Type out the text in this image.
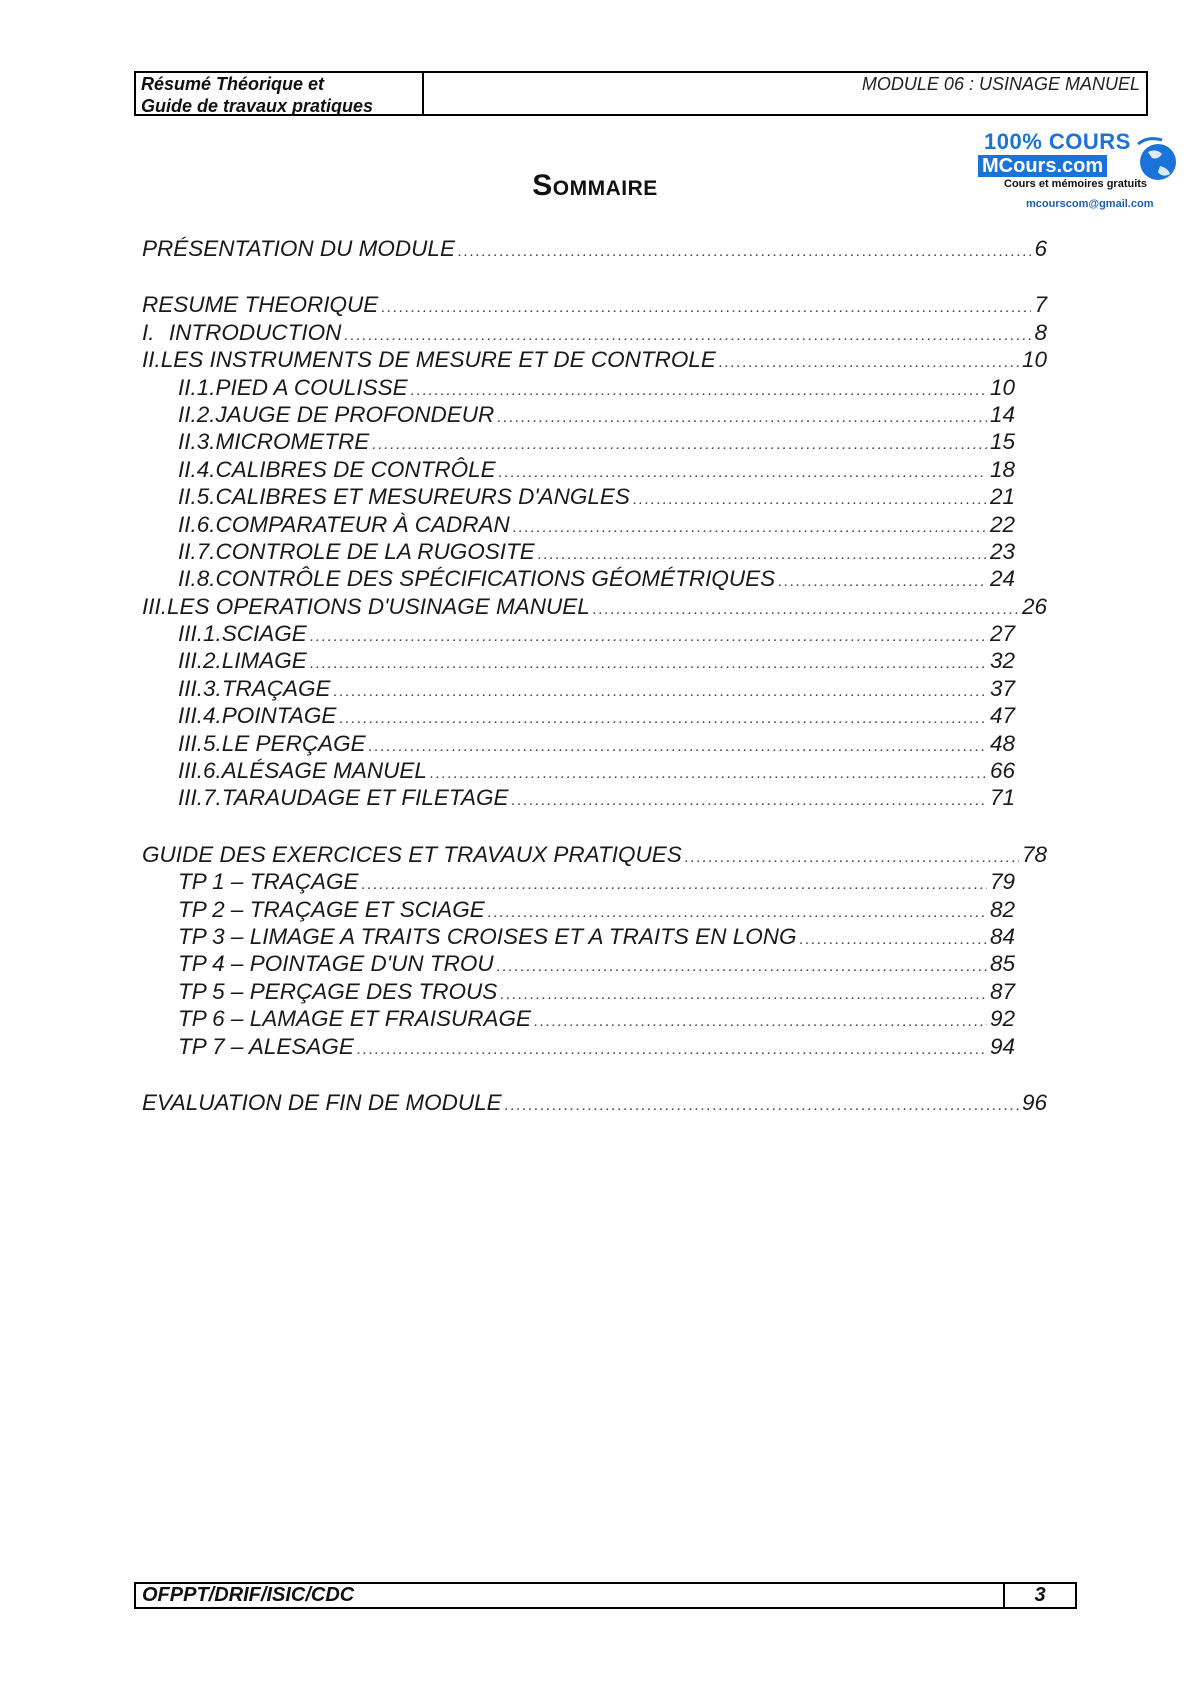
Résumé Théorique et
Guide de travaux pratiques
MODULE 06 : USINAGE MANUEL
100% COURS
MCours.com
Cours et mémoires gratuits
mcourscom@gmail.com
Sommaire
PRÉSENTATION DU MODULE .....	6
RESUME THEORIQUE .....	7
I. INTRODUCTION .....	8
II. LES INSTRUMENTS DE MESURE ET DE CONTROLE .....	10
II.1. PIED A COULISSE .....	10
II.2. JAUGE DE PROFONDEUR .....	14
II.3. MICROMETRE .....	15
II.4. CALIBRES DE CONTRÔLE .....	18
II.5. CALIBRES ET MESUREURS D'ANGLES .....	21
II.6. COMPARATEUR À CADRAN .....	22
II.7. CONTROLE DE LA RUGOSITE .....	23
II.8. CONTRÔLE DES SPÉCIFICATIONS GÉOMÉTRIQUES .....	24
III. LES OPERATIONS D'USINAGE MANUEL .....	26
III.1. SCIAGE .....	27
III.2. LIMAGE .....	32
III.3. TRAÇAGE .....	37
III.4. POINTAGE .....	47
III.5. LE PERÇAGE .....	48
III.6. ALÉSAGE MANUEL .....	66
III.7. TARAUDAGE ET FILETAGE .....	71
GUIDE DES EXERCICES ET TRAVAUX PRATIQUES .....	78
TP 1 – TRAÇAGE .....	79
TP 2 – TRAÇAGE ET SCIAGE .....	82
TP 3 – LIMAGE A TRAITS CROISES ET A TRAITS EN LONG .....	84
TP 4 – POINTAGE D'UN TROU .....	85
TP 5 – PERÇAGE DES TROUS .....	87
TP 6 – LAMAGE ET FRAISURAGE .....	92
TP 7 – ALESAGE .....	94
EVALUATION DE FIN DE MODULE .....	96
OFPPT/DRIF/ISIC/CDC	3
